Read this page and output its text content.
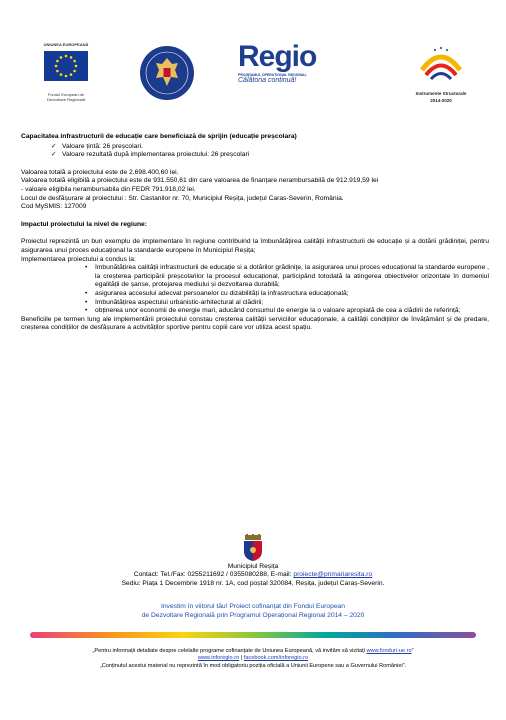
UNIUNEA EUROPEANĂ
Fondul European de
Dezvoltare Regională
Regio
PROGRAMUL OPERAȚIONAL REGIONAL
Călătoria continuă!
Instrumente Structurale
2014-2020

Capacitatea infrastructurii de educație care beneficiază de sprijin (educație preșcolara)

✓ Valoare țintă: 26 preșcolari.
✓ Valoare rezultată după implementarea proiectului: 26 preșcolari

Valoarea totală a proiectului este de 2.698.400,60 lei.

Valoarea totală eligibilă a proiectului este de 931.550,61 din care valoarea de finanțare nerambursabilă de 912.919,59 lei

- valoare eligibila nerambursabila din FEDR 791.918,02 lei.

Locul de desfășurare al proiectului : Str. Castanilor nr. 70, Municipiul Reșița, județul Caras-Severin, România.

Cod MySMIS: 127009

Impactul proiectului la nivel de regiune:

Proiectul reprezintă un bun exemplu de implementare în regiune contribuind la îmbunătățirea calității infrastructurii de educație și a dotării grădiniței, pentru asigurarea unui proces educațional la standarde europene în Municipiul Reșița;

Implementarea proiectului a condus la:

• îmbunătățirea calității infrastructurii de educație si a dotărilor grădiniţe, la asigurarea unui proces educațional la standarde europene , la creșterea participării preșcolarilor la procesul educațional, participând totodată la atingerea obiectivelor orizontale în domeniul egalității de șanse, protejarea mediului și dezvoltarea durabilă;
• asigurarea accesului adecvat persoanelor cu dizabilități la infrastructura educațională;
• îmbunătățirea aspectului urbanistic-arhitectural al clădirii;
• obținerea unor economii de energie mari, aducând consumul de energie la o valoare apropiată de cea a clădirii de referință;

Beneficiile pe termen lung ale implementării proiectului constau creșterea calității serviciilor educaționale, a calității condițiilor de învățământ și de predare, creșterea condițiilor de desfășurare a activităților sportive pentru copiii care vor utiliza acest spațiu.

Municipiul Reșița
Contact: Tel./Fax: 0255211692 / 0355080288, E-mail: proiecte@primariaresita.ro
Sediu: Piața 1 Decembrie 1918 nr. 1A, cod poștal 320084, Reșița, județul Caraș-Severin.
Investim în viitorul tău! Proiect cofinanțat din Fondul European
de Dezvoltare Regională prin Programul Operațional Regional 2014 – 2020
„Pentru informații detaliate despre celelalte programe cofinanțate de Uniunea Europeană, vă invităm să vizitați www.fonduri-ue.ro”
www.inforegio.ro | facebook.com/inforegio.ro
„Conținutul acestui material nu reprezintă în mod obligatoriu poziția oficială a Uniunii Europene sau a Guvernului României”.
